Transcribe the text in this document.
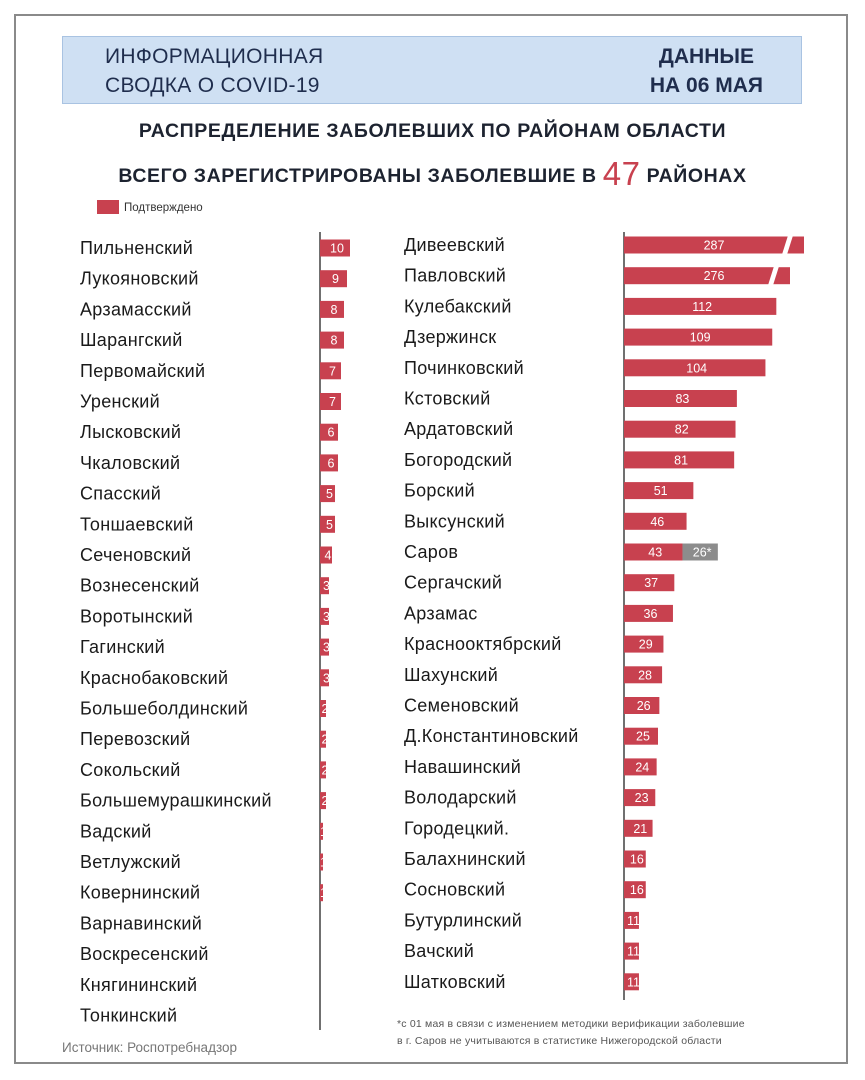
ИНФОРМАЦИОННАЯ
СВОДКА О COVID-19
ДАННЫЕ
НА 06 МАЯ
РАСПРЕДЕЛЕНИЕ ЗАБОЛЕВШИХ ПО РАЙОНАМ ОБЛАСТИ
ВСЕГО ЗАРЕГИСТРИРОВАНЫ ЗАБОЛЕВШИЕ В 47 РАЙОНАХ
Подтверждено
Пильненский	10
Лукояновский	9
Арзамасский	8
Шарангский	8
Первомайский	7
Уренский	7
Лысковский	6
Чкаловский	6
Спасский	5
Тоншаевский	5
Сеченовский	4
Вознесенский	3
Воротынский	3
Гагинский	3
Краснобаковский	3
Большеболдинский	2
Перевозский	2
Сокольский	2
Большемурашкинский	2
Вадский	1
Ветлужский	1
Ковернинский	1
Варнавинский
Воскресенский
Княгининский
Тонкинский
Дивеевский	287
Павловский	276
Кулебакский	112
Дзержинск	109
Починковский	104
Кстовский	83
Ардатовский	82
Богородский	81
Борский	51
Выксунский	46
Саров	43 26*
Сергачский	37
Арзамас	36
Краснооктябрский	29
Шахунский	28
Семеновский	26
Д.Константиновский	25
Навашинский	24
Володарский	23
Городецкий.	21
Балахнинский	16
Сосновский	16
Бутурлинский	11
Вачский	11
Шатковский	11
*с 01 мая в связи с изменением методики верификации заболевшие
в г. Саров не учитываются в статистике Нижегородской области
Источник: Роспотребнадзор
